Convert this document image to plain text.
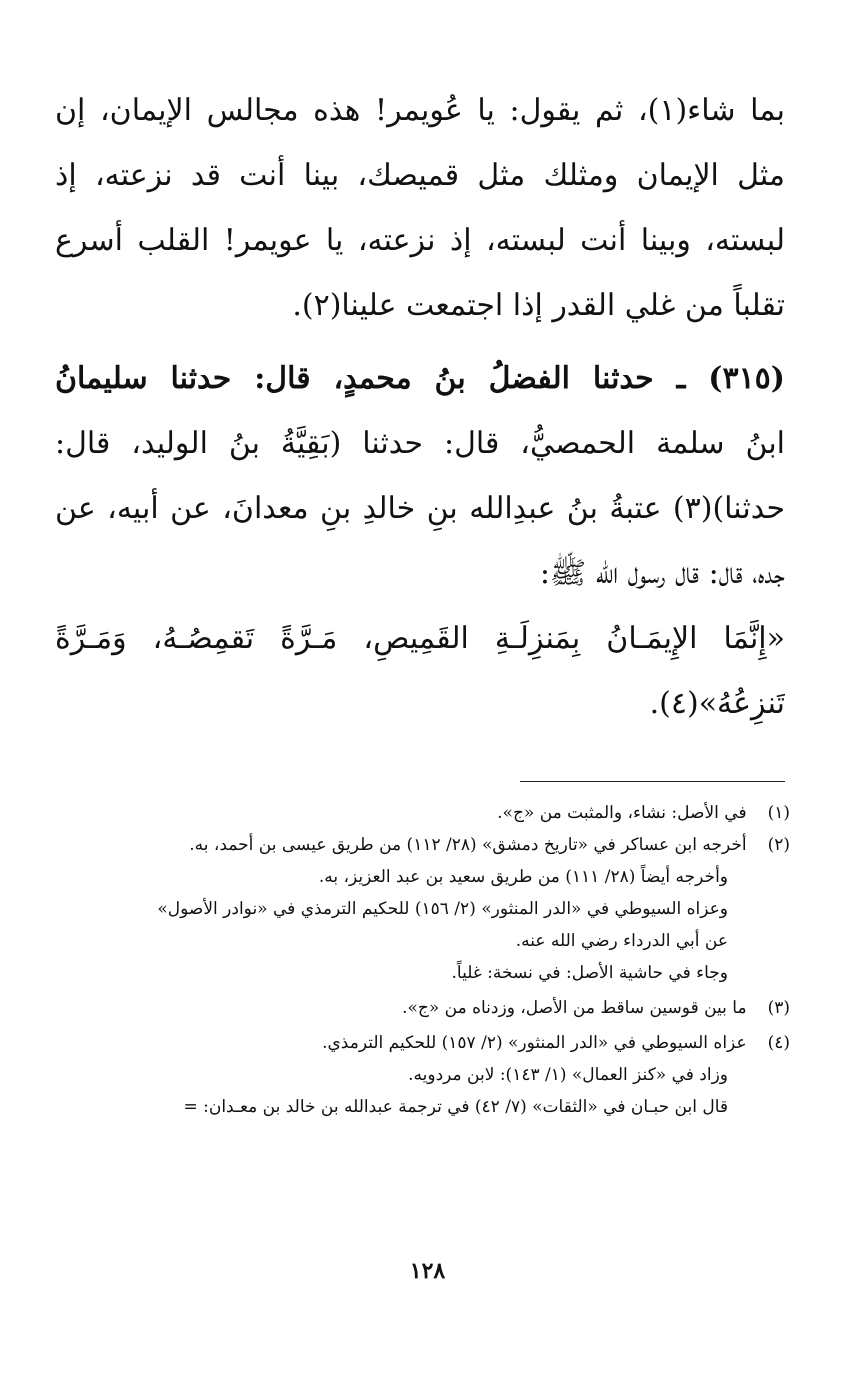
بما شاء(١)، ثم يقول: يا عُويمر! هذه مجالس الإيمان، إن
مثل الإيمان ومثلك مثل قميصك، بينا أنت قد نزعته، إذ
لبسته، وبينا أنت لبسته، إذ نزعته، يا عويمر! القلب أسرع
تقلباً من غلي القدر إذا اجتمعت علينا(٢).
(٣١٥) ـ حدثنا الفضلُ بنُ محمدٍ، قال: حدثنا سليمانُ
ابنُ سلمة الحمصيُّ، قال: حدثنا (بَقِيَّةُ بنُ الوليد، قال:
حدثنا)(٣) عتبةُ بنُ عبدِالله بنِ خالدِ بنِ معدانَ، عن أبيه، عن
جده، قال: قال رسول الله ﷺ:
«إِنَّمَا الإِيمَـانُ بِمَنزِلَـةِ القَمِيصِ، مَـرَّةً تَقمِصُـهُ، وَمَـرَّةً
تَنزِعُهُ»(٤).
(١) في الأصل: نشاء، والمثبت من «ج».
(٢) أخرجه ابن عساكر في «تاريخ دمشق» (٢٨/ ١١٢) من طريق عيسى بن أحمد، به.
وأخرجه أيضاً (٢٨/ ١١١) من طريق سعيد بن عبد العزيز، به.
وعزاه السيوطي في «الدر المنثور» (٢/ ١٥٦) للحكيم الترمذي في «نوادر الأصول»
عن أبي الدرداء رضي الله عنه.
وجاء في حاشية الأصل: في نسخة: غلياً.
(٣) ما بين قوسين ساقط من الأصل، وزدناه من «ج».
(٤) عزاه السيوطي في «الدر المنثور» (٢/ ١٥٧) للحكيم الترمذي.
وزاد في «كنز العمال» (١/ ١٤٣): لابن مردويه.
قال ابن حبـان في «الثقات» (٧/ ٤٢) في ترجمة عبدالله بن خالد بن معـدان: =
١٢٨
